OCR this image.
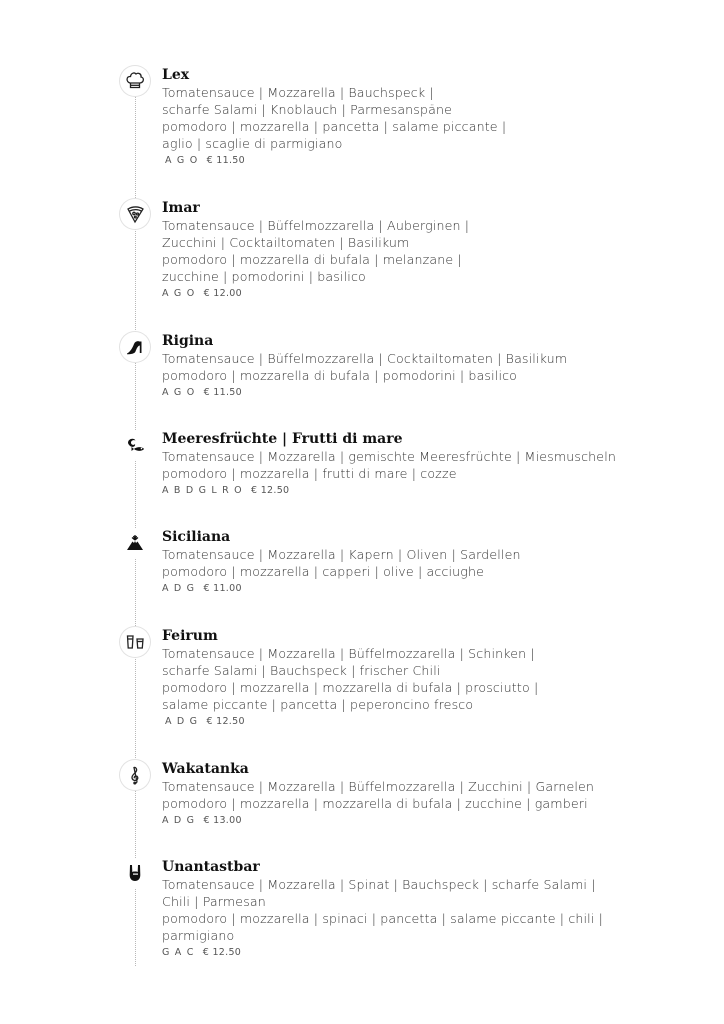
Lex
Tomatensauce | Mozzarella | Bauchspeck |
scharfe Salami | Knoblauch | Parmesanspäne
pomodoro | mozzarella | pancetta | salame piccante |
aglio | scaglie di parmigiano
A G O € 11.50
Imar
Tomatensauce | Büffelmozzarella | Auberginen |
Zucchini | Cocktailtomaten | Basilikum
pomodoro | mozzarella di bufala | melanzane |
zucchine | pomodorini | basilico
A G O € 12.00
Rigina
Tomatensauce | Büffelmozzarella | Cocktailtomaten | Basilikum
pomodoro | mozzarella di bufala | pomodorini | basilico
A G O € 11.50
Meeresfrüchte | Frutti di mare
Tomatensauce | Mozzarella | gemischte Meeresfrüchte | Miesmuscheln
pomodoro | mozzarella | frutti di mare | cozze
A B D G L R O € 12.50
Siciliana
Tomatensauce | Mozzarella | Kapern | Oliven | Sardellen
pomodoro | mozzarella | capperi | olive | acciughe
A D G € 11.00
Feirum
Tomatensauce | Mozzarella | Büffelmozzarella | Schinken |
scharfe Salami | Bauchspeck | frischer Chili
pomodoro | mozzarella | mozzarella di bufala | prosciutto |
salame piccante | pancetta | peperoncino fresco
A D G € 12.50
Wakatanka
Tomatensauce | Mozzarella | Büffelmozzarella | Zucchini | Garnelen
pomodoro | mozzarella | mozzarella di bufala | zucchine | gamberi
A D G € 13.00
Unantastbar
Tomatensauce | Mozzarella | Spinat | Bauchspeck | scharfe Salami |
Chili | Parmesan
pomodoro | mozzarella | spinaci | pancetta | salame piccante | chili |
parmigiano
G A C € 12.50
